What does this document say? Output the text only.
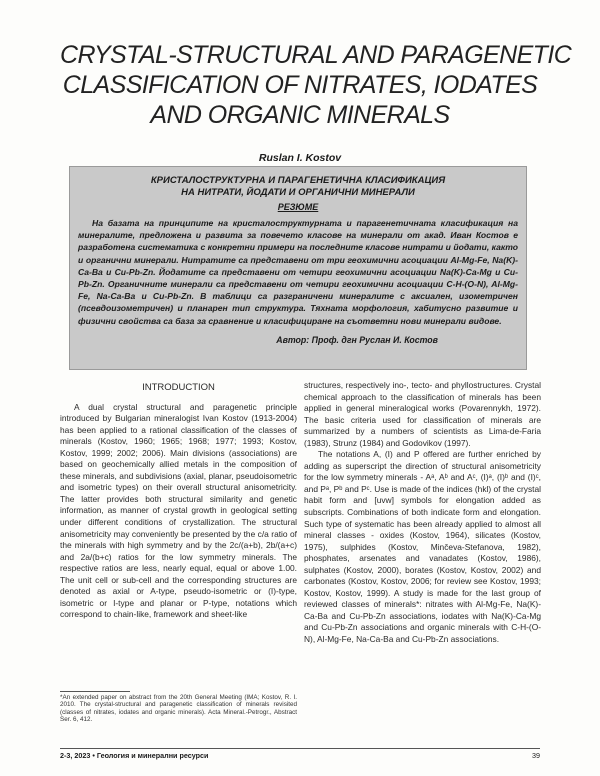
CRYSTAL-STRUCTURAL AND PARAGENETIC
CLASSIFICATION OF NITRATES, IODATES
AND ORGANIC MINERALS
Ruslan I. Kostov
КРИСТАЛОСТРУКТУРНА И ПАРАГЕНЕТИЧНА КЛАСИФИКАЦИЯ
НА НИТРАТИ, ЙОДАТИ И ОРГАНИЧНИ МИНЕРАЛИ
РЕЗЮМЕ

На базата на принципите на кристалоструктурната и парагенетичната класификация на минералите, предложена и развита за повечето класове на минерали от акад. Иван Костов е разработена систематика с конкретни примери на последните класове нитрати и йодати, както и органични минерали. Нитратите са представени от три геохимични асоциации Al-Mg-Fe, Na(K)-Ca-Ba и Cu-Pb-Zn. Йодатите са представени от четири геохимични асоциации Na(K)-Ca-Mg и Cu-Pb-Zn. Органичните минерали са представени от четири геохимични асоциации C-H-(O-N), Al-Mg-Fe, Na-Ca-Ba и Cu-Pb-Zn. В таблици са разграничени минералите с аксиален, изометричен (псевдоизометричен) и планарен тип структура. Тяхната морфология, хабитусно развитие и физични свойства са база за сравнение и класифициране на съответни нови минерали видове.

Автор: Проф. дгн Руслан И. Костов
INTRODUCTION

A dual crystal structural and paragenetic principle introduced by Bulgarian mineralogist Ivan Kostov (1913-2004) has been applied to a rational classification of the classes of minerals (Kostov, 1960; 1965; 1968; 1977; 1993; Kostov, Kostov, 1999; 2002; 2006). Main divisions (associations) are based on geochemically allied metals in the composition of these minerals, and subdivisions (axial, planar, pseudoisometric and isometric types) on their overall structural anisometricity. The latter provides both structural similarity and genetic information, as manner of crystal growth in geological setting under different conditions of crystallization. The structural anisometricity may conveniently be presented by the c/a ratio of the minerals with high symmetry and by the 2c/(a+b), 2b/(a+c) and 2a/(b+c) ratios for the low symmetry minerals. The respective ratios are less, nearly equal, equal or above 1.00. The unit cell or sub-cell and the corresponding structures are denoted as axial or A-type, pseudo-isometric or (I)-type, isometric or I-type and planar or P-type, notations which correspond to chain-like, framework and sheet-like

structures, respectively ino-, tecto- and phyllostructures. Crystal chemical approach to the classification of minerals has been applied in general mineralogical works (Povarennykh, 1972). The basic criteria used for classification of minerals are summarized by a numbers of scientists as Lima-de-Faria (1983), Strunz (1984) and Godovikov (1997).

The notations A, (I) and P offered are further enriched by adding as superscript the direction of structural anisometricity for the low symmetry minerals - Aᵃ, Aᵇ and Aᶜ, (I)ᵃ, (I)ᵇ and (I)ᶜ, and Pᵃ, Pᵇ and Pᶜ. Use is made of the indices (hkl) of the crystal habit form and [uvw] symbols for elongation added as subscripts. Combinations of both indicate form and elongation. Such type of systematic has been already applied to almost all mineral classes - oxides (Kostov, 1964), silicates (Kostov, 1975), sulphides (Kostov, Minčeva-Stefanova, 1982), phosphates, arsenates and vanadates (Kostov, 1986), sulphates (Kostov, 2000), borates (Kostov, Kostov, 2002) and carbonates (Kostov, Kostov, 2006; for review see Kostov, 1993; Kostov, Kostov, 1999). A study is made for the last group of reviewed classes of minerals*: nitrates with Al-Mg-Fe, Na(K)-Ca-Ba and Cu-Pb-Zn associations, iodates with Na(K)-Ca-Mg and Cu-Pb-Zn associations and organic minerals with C-H-(O-N), Al-Mg-Fe, Na-Ca-Ba and Cu-Pb-Zn associations.

*An extended paper on abstract from the 20th General Meeting (IMA; Kostov, R. I. 2010. The crystal-structural and paragenetic classification of minerals revisited (classes of nitrates, iodates and organic minerals). Acta Mineral.-Petrogr., Abstract Ser. 6, 412.
2-3, 2023 • Геология и минерални ресурси	39
